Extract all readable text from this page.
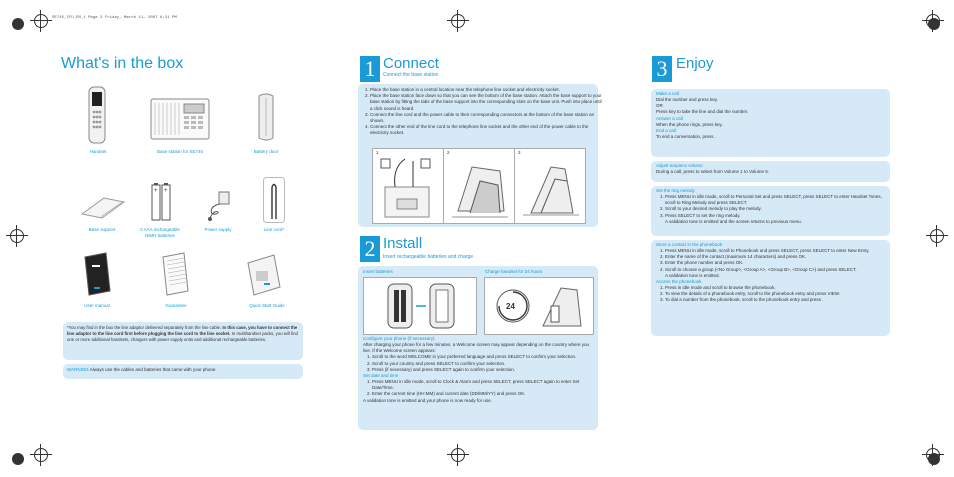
SE745_IFU_EN_1 Page 2 Friday, March 11, 2007 6:21 PM
What's in the box
Handset	Base station for SE745	Battery door
Base support
+ +
2 AAA rechargeable
NiMH batteries
Power supply	Line cord*
User manual	Guarantee	Quick Start Guide
*You may find in the box the line adaptor delivered separately from the line cable. In this case, you have to connect the line adaptor to the line cord first before plugging the line cord to the line socket. In multihandset packs, you will find one or more additional handsets, chargers with power supply units and additional rechargeable batteries.
WARNING Always use the cables and batteries that came with your phone.
1 Connect
Connect the base station
1. Place the base station in a central location near the telephone line socket and electricity socket.
2. Place the base station face down so that you can see the bottom of the base station. Attach the base support to your base station by fitting the tabs of the base support into the corresponding slots on the base unit. Push into place until a click sound is heard.
3. Connect the line cord and the power cable to their corresponding connectors at the bottom of the base station as shown.
4. Connect the other end of the line cord to the telephone line socket and the other end of the power cable to the electricity socket.
1	2	3
2 Install
Insert rechargeable batteries and charge
Insert batteries	Charge handset for 24 hours
24
Configure your phone (if necessary)
After charging your phone for a few minutes, a Welcome screen may appear depending on the country where you live. If the Welcome screen appears:
1. Scroll to the word WELCOME in your preferred language and press SELECT to confirm your selection.
2. Scroll to your country and press SELECT to confirm your selection.
3. Press (if necessary) and press SELECT again to confirm your selection.
Set date and time
1. Press MENU in idle mode, scroll to Clock & Alarm and press SELECT, press SELECT again to enter Set Date/Time.
2. Enter the current time (HH:MM) and current date (DD/MM/YY) and press OK.
A validation tone is emitted and your phone is now ready for use.
3 Enjoy
Make a call
Dial the number and press key.
OR
Press key to take the line and dial the number.
Answer a call
When the phone rings, press key.
End a call
To end a conversation, press .
Adjust earpiece volume
During a call, press to select from Volume 1 to Volume 5.
Set the ring melody
1. Press MENU in idle mode, scroll to Personal Set and press SELECT, press SELECT to enter Handset Tones, scroll to Ring Melody and press SELECT.
2. Scroll to your desired melody to play the melody.
3. Press SELECT to set the ring melody.
A validation tone is emitted and the screen returns to previous menu.
Store a contact in the phonebook
1. Press MENU in idle mode, scroll to Phonebook and press SELECT, press SELECT to enter New Entry.
2. Enter the name of the contact (maximum 14 characters) and press OK.
3. Enter the phone number and press OK.
4. Scroll to choose a group (<No Group>, <Group A>, <Group B>, <Group C>) and press SELECT.
A validation tone is emitted.
Access the phonebook
1. Press in idle mode and scroll to browse the phonebook.
2. To view the details of a phonebook entry, scroll to the phonebook entry and press VIEW.
3. To dial a number from the phonebook, scroll to the phonebook entry and press .
